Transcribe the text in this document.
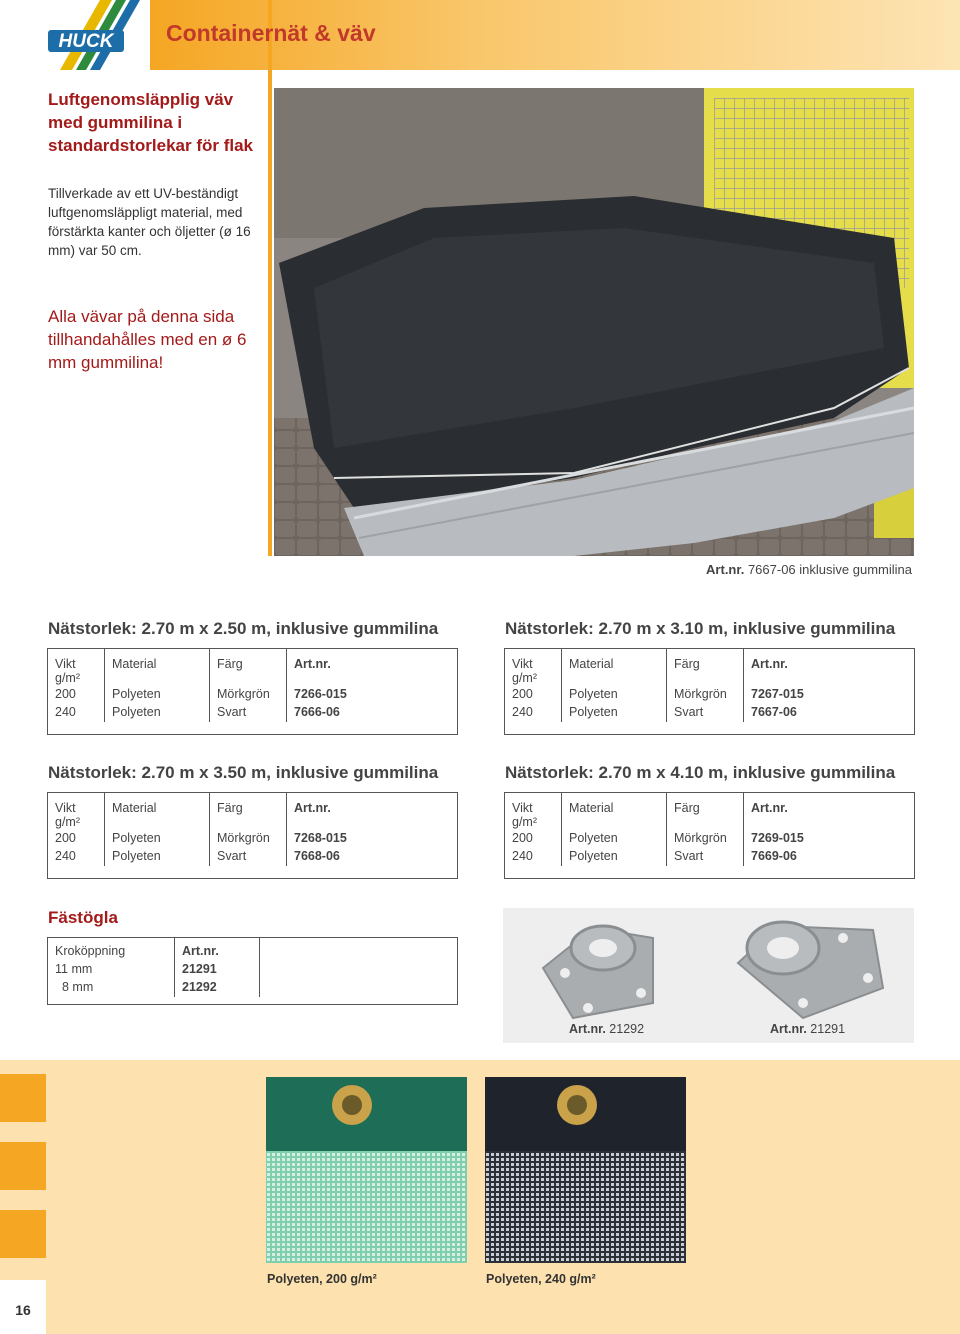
HUCK Containernät & väv
Luftgenomsläpplig väv med gummilina i standardstorlekar för flak
Tillverkade av ett UV-beständigt luftgenomsläppligt material, med förstärkta kanter och öljetter (ø 16 mm) var 50 cm.
Alla vävar på denna sida tillhandahålles med en ø 6 mm gummilina!
Art.nr. 7667-06 inklusive gummilina
Nätstorlek: 2.70 m x 2.50 m, inklusive gummilina
Vikt
g/m²	Material	Färg	Art.nr.
200	Polyeten	Mörkgrön	7266-015
240	Polyeten	Svart	7666-06
Nätstorlek: 2.70 m x 3.10 m, inklusive gummilina
Vikt
g/m²	Material	Färg	Art.nr.
200	Polyeten	Mörkgrön	7267-015
240	Polyeten	Svart	7667-06
Nätstorlek: 2.70 m x 3.50 m, inklusive gummilina
Vikt
g/m²	Material	Färg	Art.nr.
200	Polyeten	Mörkgrön	7268-015
240	Polyeten	Svart	7668-06
Nätstorlek: 2.70 m x 4.10 m, inklusive gummilina
Vikt
g/m²	Material	Färg	Art.nr.
200	Polyeten	Mörkgrön	7269-015
240	Polyeten	Svart	7669-06
Fästögla
Kroköppning	Art.nr.	
11 mm	21291	
8 mm	21292	
Art.nr. 21292	Art.nr. 21291
16
Polyeten, 200 g/m²	Polyeten, 240 g/m²
